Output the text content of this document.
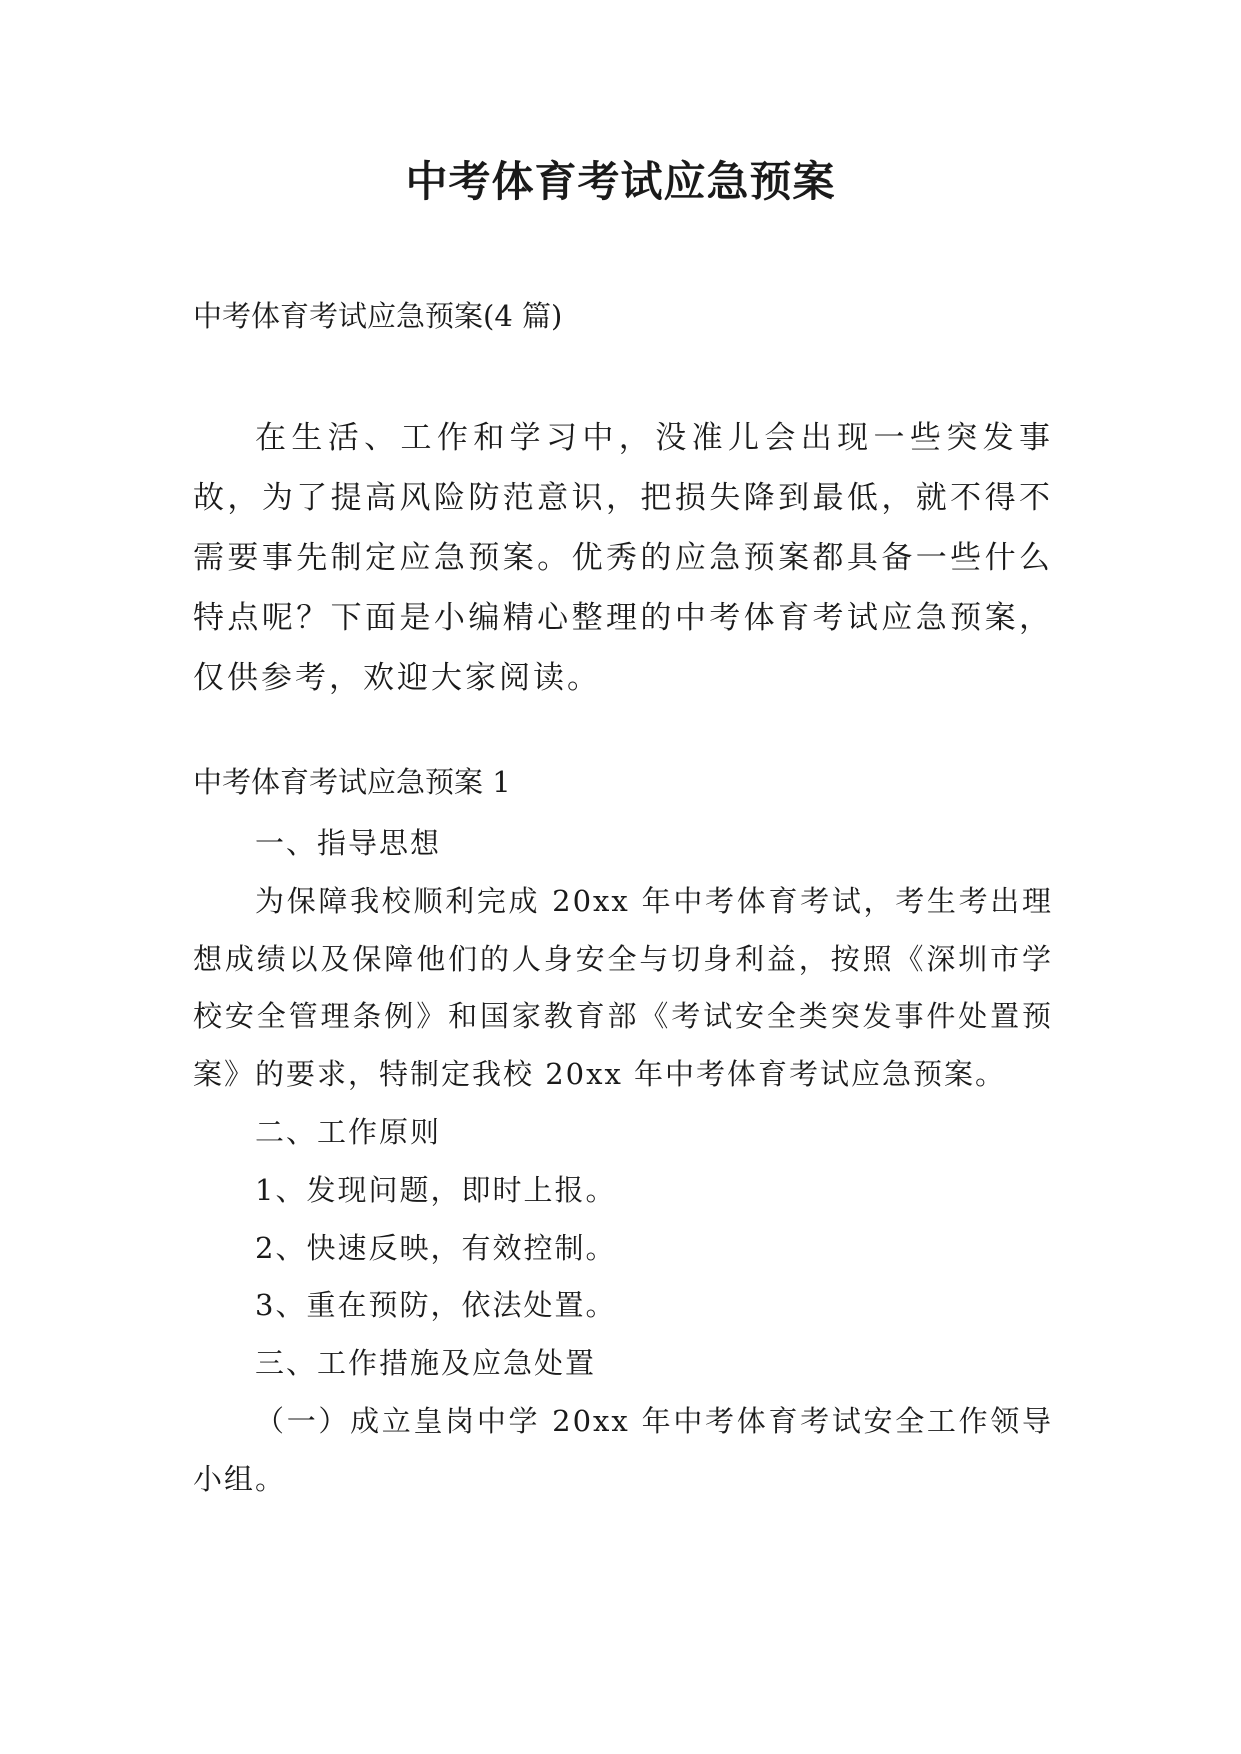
中考体育考试应急预案

中考体育考试应急预案(4 篇)

在生活、工作和学习中，没准儿会出现一些突发事故，为了提高风险防范意识，把损失降到最低，就不得不需要事先制定应急预案。优秀的应急预案都具备一些什么特点呢？下面是小编精心整理的中考体育考试应急预案，仅供参考，欢迎大家阅读。

中考体育考试应急预案 1

一、指导思想

为保障我校顺利完成 20xx 年中考体育考试，考生考出理想成绩以及保障他们的人身安全与切身利益，按照《深圳市学校安全管理条例》和国家教育部《考试安全类突发事件处置预案》的要求，特制定我校 20xx 年中考体育考试应急预案。

二、工作原则

1、发现问题，即时上报。

2、快速反映，有效控制。

3、重在预防，依法处置。

三、工作措施及应急处置

（一）成立皇岗中学 20xx 年中考体育考试安全工作领导小组。
